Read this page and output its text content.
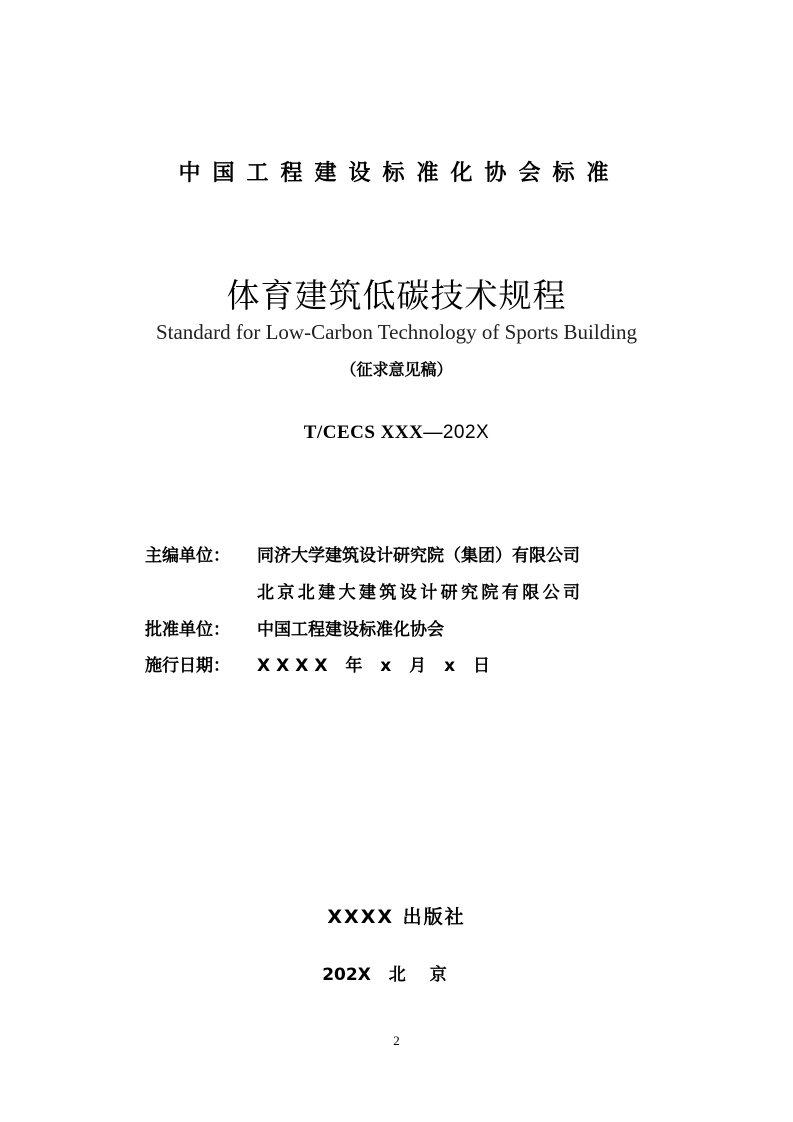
中国工程建设标准化协会标准
体育建筑低碳技术规程
Standard for Low-Carbon Technology of Sports Building
（征求意见稿）
T/CECS XXX—202X
主编单位： 同济大学建筑设计研究院（集团）有限公司
北京北建大建筑设计研究院有限公司
批准单位： 中国工程建设标准化协会
施行日期： XXXX 年 x 月 x 日
XXXX 出版社
202X 北京
2
